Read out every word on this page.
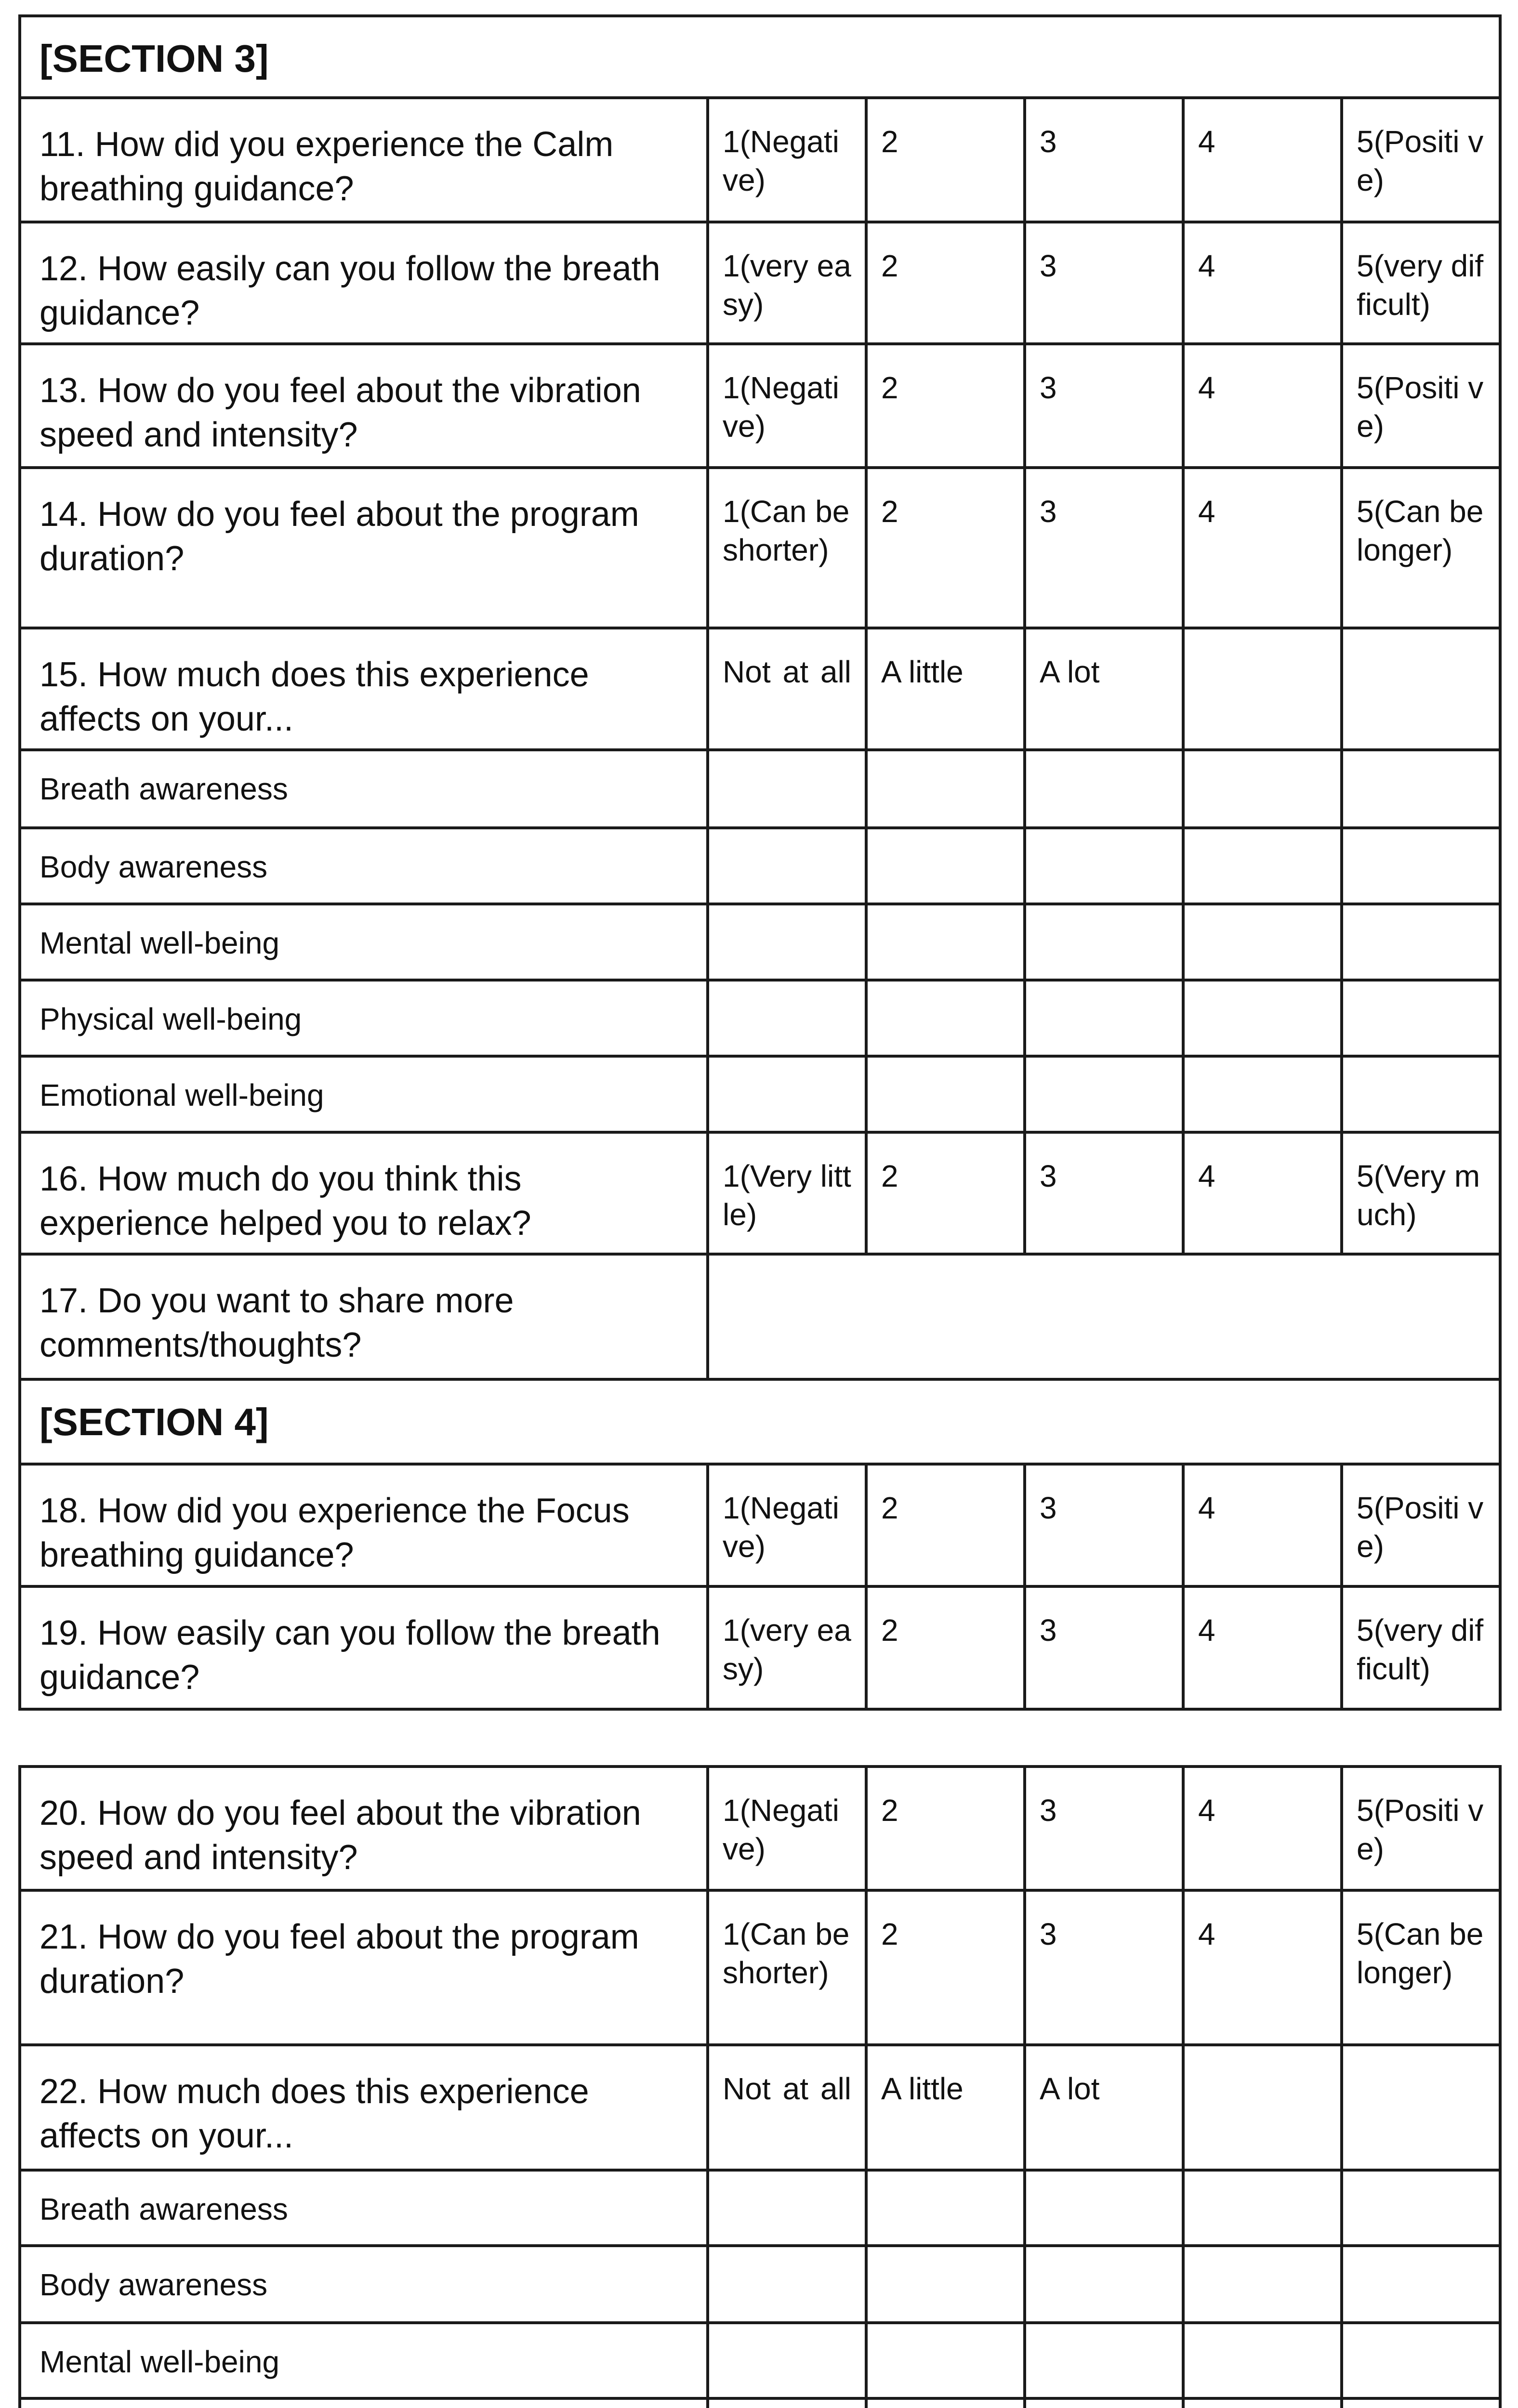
[SECTION 3]					
11. How did you experience the Calm breathing guidance?	1(Negati ve)	2	3	4	5(Positi ve)
12. How easily can you follow the breath guidance?	1(very easy)	2	3	4	5(very difficult)
13. How do you feel about the vibration speed and intensity?	1(Negati ve)	2	3	4	5(Positi ve)
14. How do you feel about the program duration?	1(Can be shorter)	2	3	4	5(Can be longer)
15. How much does this experience affects on your...	Not at all	A little	A lot		
Breath awareness					
Body awareness					
Mental well-being					
Physical well-being					
Emotional well-being					
16. How much do you think this experience helped you to relax?	1(Very little)	2	3	4	5(Very much)
17. Do you want to share more comments/thoughts?					
[SECTION 4]					
18. How did you experience the Focus breathing guidance?	1(Negati ve)	2	3	4	5(Positi ve)
19. How easily can you follow the breath guidance?	1(very easy)	2	3	4	5(very difficult)
20. How do you feel about the vibration speed and intensity?	1(Negati ve)	2	3	4	5(Positi ve)
21. How do you feel about the program duration?	1(Can be shorter)	2	3	4	5(Can be longer)
22. How much does this experience affects on your...	Not at all	A little	A lot		
Breath awareness					
Body awareness					
Mental well-being					
